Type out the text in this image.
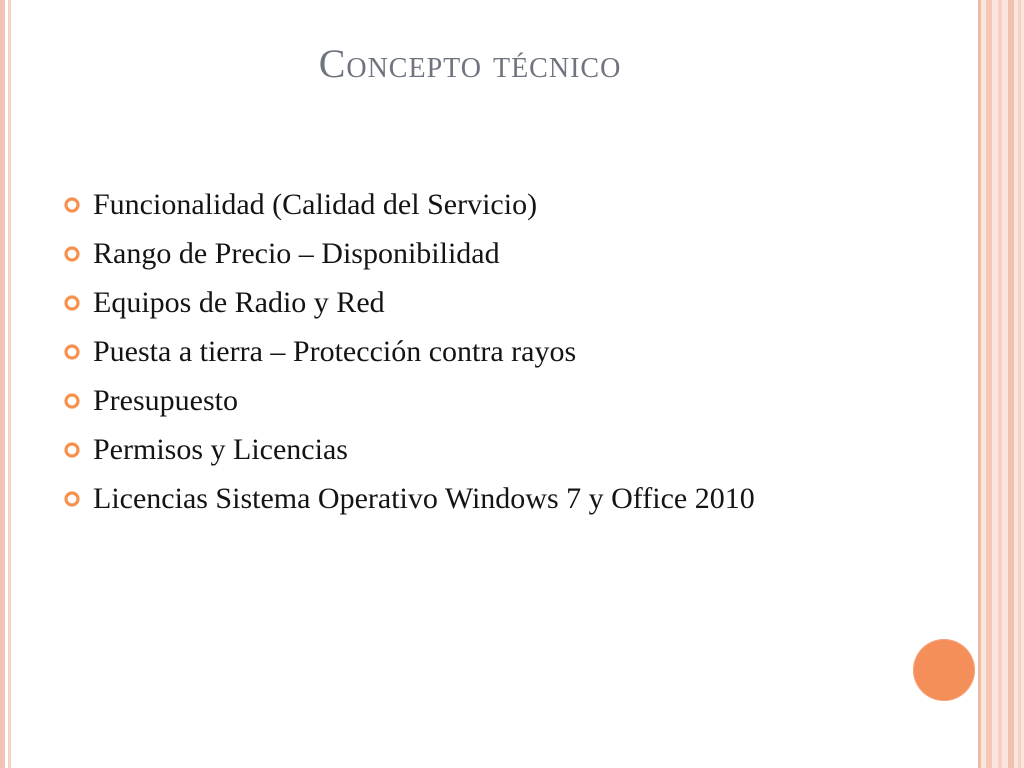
Concepto técnico
Funcionalidad (Calidad del Servicio)
Rango de Precio – Disponibilidad
Equipos de Radio y Red
Puesta a tierra – Protección contra rayos
Presupuesto
Permisos y Licencias
Licencias Sistema Operativo Windows 7 y Office 2010
